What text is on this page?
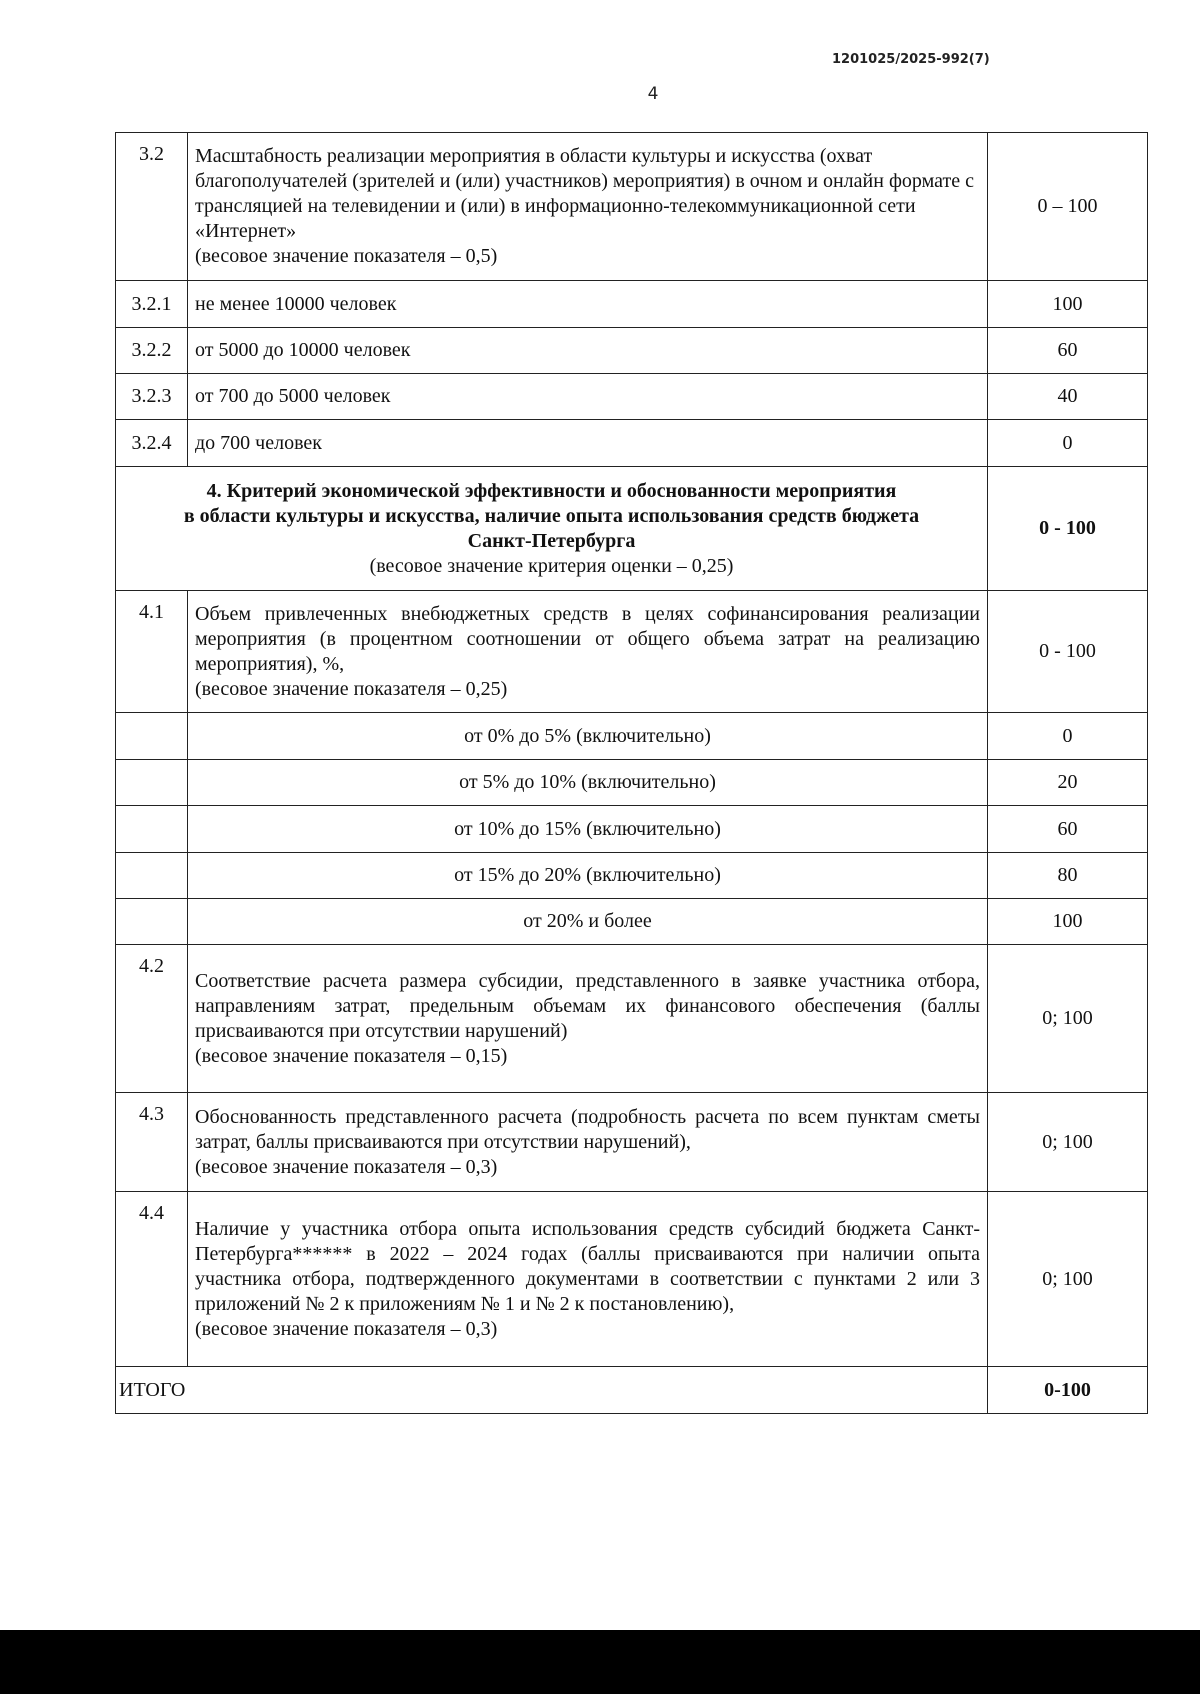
1201025/2025-992(7)
4
3.2	Масштабность реализации мероприятия в области культуры и искусства (охват благополучателей (зрителей и (или) участников) мероприятия) в очном и онлайн формате с трансляцией на телевидении и (или) в информационно-телекоммуникационной сети «Интернет»
(весовое значение показателя – 0,5)	0 – 100
3.2.1	не менее 10000 человек	100
3.2.2	от 5000 до 10000 человек	60
3.2.3	от 700 до 5000 человек	40
3.2.4	до 700 человек	0
4. Критерий экономической эффективности и обоснованности мероприятия
в области культуры и искусства, наличие опыта использования средств бюджета
Санкт-Петербурга
(весовое значение критерия оценки – 0,25)		0 - 100
4.1	Объем привлеченных внебюджетных средств в целях софинансирования реализации мероприятия (в процентном соотношении от общего объема затрат на реализацию мероприятия), %,
(весовое значение показателя – 0,25)	0 - 100
	от 0% до 5% (включительно)	0
	от 5% до 10% (включительно)	20
	от 10% до 15% (включительно)	60
	от 15% до 20% (включительно)	80
	от 20% и более	100
4.2	Соответствие расчета размера субсидии, представленного в заявке участника отбора, направлениям затрат, предельным объемам их финансового обеспечения (баллы присваиваются при отсутствии нарушений)
(весовое значение показателя – 0,15)	0; 100
4.3	Обоснованность представленного расчета (подробность расчета по всем пунктам сметы затрат, баллы присваиваются при отсутствии нарушений),
(весовое значение показателя – 0,3)	0; 100
4.4	Наличие у участника отбора опыта использования средств субсидий бюджета Санкт-Петербурга****** в 2022 – 2024 годах (баллы присваиваются при наличии опыта участника отбора, подтвержденного документами в соответствии с пунктами 2 или 3 приложений № 2 к приложениям № 1 и № 2 к постановлению),
(весовое значение показателя – 0,3)	0; 100
ИТОГО		0-100
